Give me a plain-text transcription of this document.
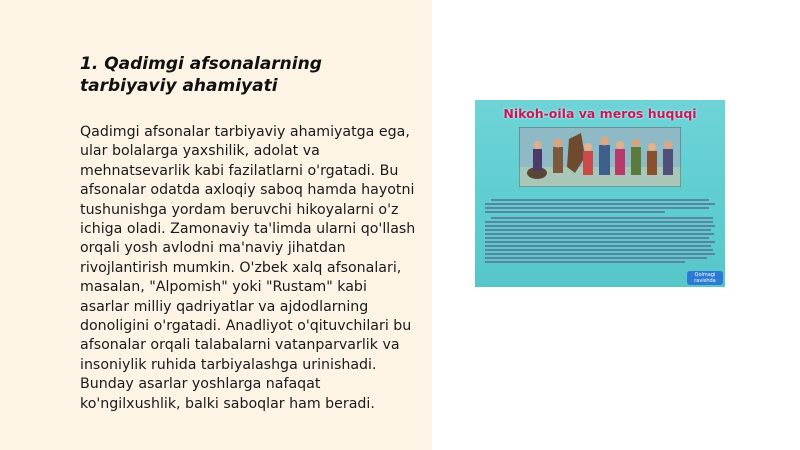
1. Qadimgi afsonalarning tarbiyaviy ahamiyati

Qadimgi afsonalar tarbiyaviy ahamiyatga ega, ular bolalarga yaxshilik, adolat va mehnatsevarlik kabi fazilatlarni o'rgatadi. Bu afsonalar odatda axloqiy saboq hamda hayotni tushunishga yordam beruvchi hikoyalarni o'z ichiga oladi. Zamonaviy ta'limda ularni qo'llash orqali yosh avlodni ma'naviy jihatdan rivojlantirish mumkin. O'zbek xalq afsonalari, masalan, "Alpomish" yoki "Rustam" kabi asarlar milliy qadriyatlar va ajdodlarning donoligini o'rgatadi. Anadliyot o'qituvchilari bu afsonalar orqali talabalarni vatanparvarlik va insoniylik ruhida tarbiyalashga urinishadi. Bunday asarlar yoshlarga nafaqat ko'ngilxushlik, balki saboqlar ham beradi.

Nikoh-oila va meros huquqi
Qolmagi ravishda
